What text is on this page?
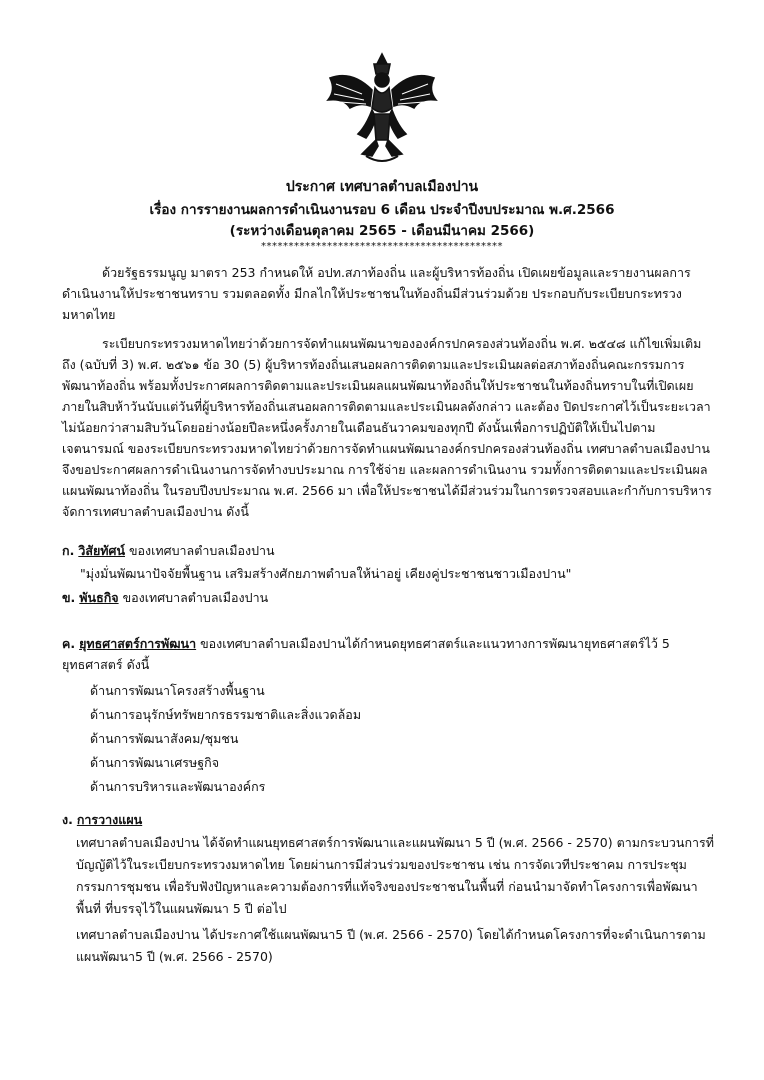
ประกาศ เทศบาลตำบลเมืองปาน
เรื่อง การรายงานผลการดำเนินงานรอบ 6 เดือน ประจำปีงบประมาณ พ.ศ.2566
(ระหว่างเดือนตุลาคม 2565 - เดือนมีนาคม 2566)
********************************************
ด้วยรัฐธรรมนูญ มาตรา 253 กำหนดให้ อปท.สภาท้องถิ่น และผู้บริหารท้องถิ่น เปิดเผยข้อมูลและรายงานผลการดำเนินงานให้ประชาชนทราบ รวมตลอดทั้ง มีกลไกให้ประชาชนในท้องถิ่นมีส่วนร่วมด้วย ประกอบกับระเบียบกระทรวงมหาดไทย
ระเบียบกระทรวงมหาดไทยว่าด้วยการจัดทำแผนพัฒนาขององค์กรปกครองส่วนท้องถิ่น พ.ศ. ๒๕๔๘ แก้ไขเพิ่มเติมถึง (ฉบับที่ 3) พ.ศ. ๒๕๖๑ ข้อ 30 (5) ผู้บริหารท้องถิ่นเสนอผลการติดตามและประเมินผลต่อสภาท้องถิ่นคณะกรรมการ พัฒนาท้องถิ่น พร้อมทั้งประกาศผลการติดตามและประเมินผลแผนพัฒนาท้องถิ่นให้ประชาชนในท้องถิ่นทราบในที่เปิดเผยภายในสิบห้าวันนับแต่วันที่ผู้บริหารท้องถิ่นเสนอผลการติดตามและประเมินผลดังกล่าว และต้อง ปิดประกาศไว้เป็นระยะเวลาไม่น้อยกว่าสามสิบวันโดยอย่างน้อยปีละหนึ่งครั้งภายในเดือนธันวาคมของทุกปี ดังนั้นเพื่อการปฏิบัติให้เป็นไปตามเจตนารมณ์ ของระเบียบกระทรวงมหาดไทยว่าด้วยการจัดทำแผนพัฒนาองค์กรปกครองส่วนท้องถิ่น เทศบาลตำบลเมืองปานจึงขอประกาศผลการดำเนินงานการจัดทำงบประมาณ การใช้จ่าย และผลการดำเนินงาน รวมทั้งการติดตามและประเมินผลแผนพัฒนาท้องถิ่น ในรอบปีงบประมาณ พ.ศ. 2566 มา เพื่อให้ประชาชนได้มีส่วนร่วมในการตรวจสอบและกำกับการบริหารจัดการเทศบาลตำบลเมืองปาน ดังนี้
ก. วิสัยทัศน์ ของเทศบาลตำบลเมืองปาน
"มุ่งมั่นพัฒนาปัจจัยพื้นฐาน เสริมสร้างศักยภาพตำบลให้น่าอยู่ เคียงคู่ประชาชนชาวเมืองปาน"
ข. พันธกิจ ของเทศบาลตำบลเมืองปาน
ค. ยุทธศาสตร์การพัฒนา ของเทศบาลตำบลเมืองปานได้กำหนดยุทธศาสตร์และแนวทางการพัฒนายุทธศาสตร์ไว้ 5 ยุทธศาสตร์ ดังนี้
ด้านการพัฒนาโครงสร้างพื้นฐาน
ด้านการอนุรักษ์ทรัพยากรธรรมชาติและสิ่งแวดล้อม
ด้านการพัฒนาสังคม/ชุมชน
ด้านการพัฒนาเศรษฐกิจ
ด้านการบริหารและพัฒนาองค์กร
ง. การวางแผน
เทศบาลตำบลเมืองปาน ได้จัดทำแผนยุทธศาสตร์การพัฒนาและแผนพัฒนา 5 ปี (พ.ศ. 2566 - 2570) ตามกระบวนการที่บัญญัติไว้ในระเบียบกระทรวงมหาดไทย โดยผ่านการมีส่วนร่วมของประชาชน เช่น การจัดเวทีประชาคม การประชุมกรรมการชุมชน เพื่อรับฟังปัญหาและความต้องการที่แท้จริงของประชาชนในพื้นที่ ก่อนนำมาจัดทำโครงการเพื่อพัฒนาพื้นที่ ที่บรรจุไว้ในแผนพัฒนา 5 ปี ต่อไป
เทศบาลตำบลเมืองปาน ได้ประกาศใช้แผนพัฒนา5 ปี (พ.ศ. 2566 - 2570) โดยได้กำหนดโครงการที่จะดำเนินการตามแผนพัฒนา5 ปี (พ.ศ. 2566 - 2570)
